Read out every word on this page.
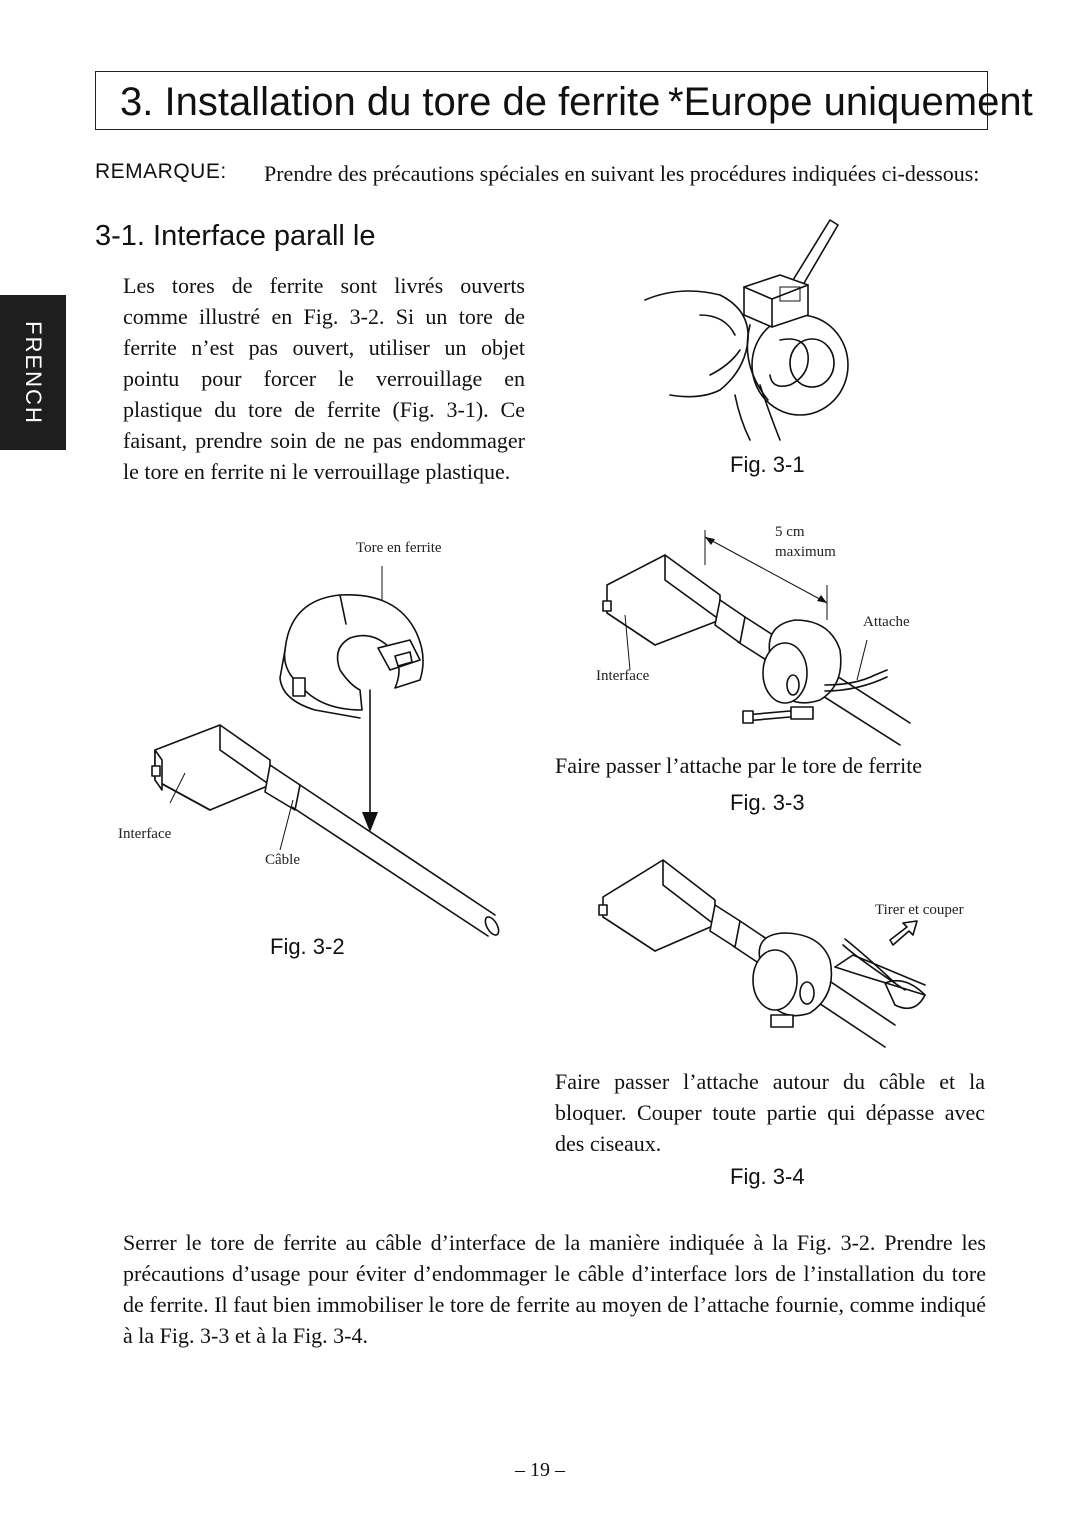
3. Installation du tore de ferrite *Europe uniquement
REMARQUE: Prendre des précautions spéciales en suivant les procédures indiquées ci-dessous:
3-1. Interface parall le
FRENCH
Les tores de ferrite sont livrés ouverts comme illustré en Fig. 3-2. Si un tore de ferrite n’est pas ouvert, utiliser un objet pointu pour forcer le verrouillage en plastique du tore de ferrite (Fig. 3-1). Ce faisant, prendre soin de ne pas endommager le tore en ferrite ni le verrouillage plastique.	Fig. 3-1
Tore en ferrite
Interface
Câble
Fig. 3-2
5 cm
maximum
Attache
Interface
Faire passer l’attache par le tore de ferrite
Fig. 3-3
Tirer et couper
Faire passer l’attache autour du câble et la bloquer. Couper toute partie qui dépasse avec des ciseaux.
Fig. 3-4
Serrer le tore de ferrite au câble d’interface de la manière indiquée à la Fig. 3-2. Prendre les précautions d’usage pour éviter d’endommager le câble d’interface lors de l’installation du tore de ferrite. Il faut bien immobiliser le tore de ferrite au moyen de l’attache fournie, comme indiqué à la Fig. 3-3 et à la Fig. 3-4.
– 19 –
